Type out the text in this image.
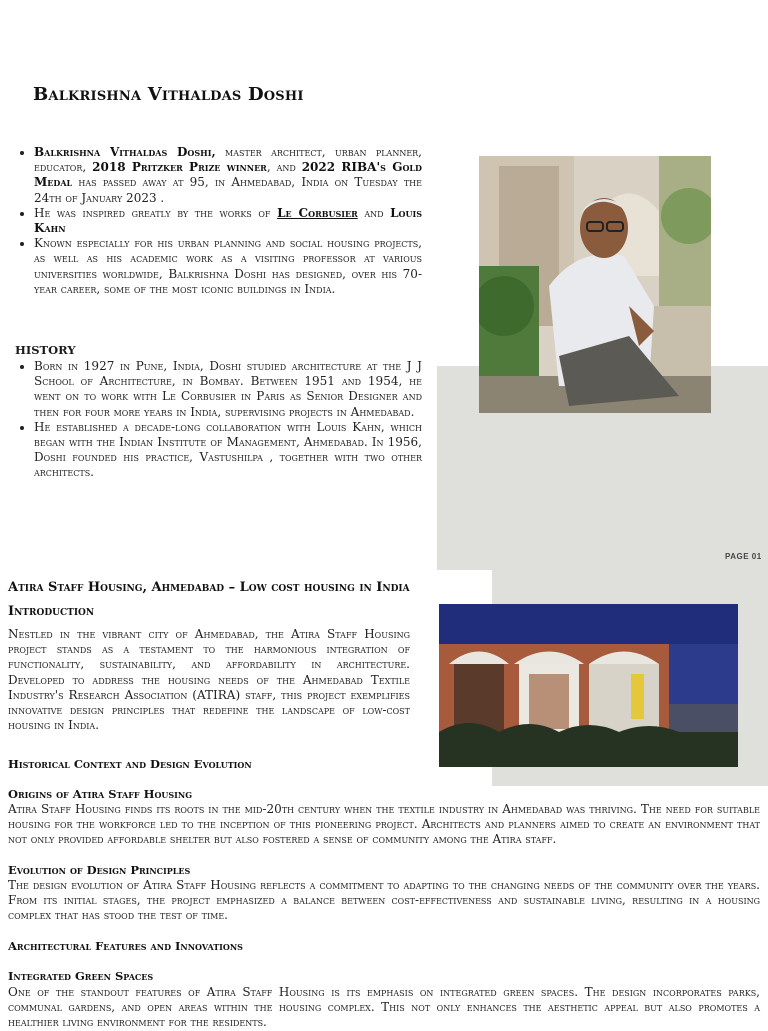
Balkrishna Vithaldas Doshi
• Balkrishna Vithaldas Doshi, master architect, urban planner, educator, 2018 Pritzker Prize winner, and 2022 RIBA's Gold Medal has passed away at 95, in Ahmedabad, India on Tuesday the 24th of January 2023 .
• He was inspired greatly by the works of Le Corbusier and Louis Kahn
• Known especially for his urban planning and social housing projects, as well as his academic work as a visiting professor at various universities worldwide, Balkrishna Doshi has designed, over his 70-year career, some of the most iconic buildings in India.
HISTORY
• Born in 1927 in Pune, India, Doshi studied architecture at the J J School of Architecture, in Bombay. Between 1951 and 1954, he went on to work with Le Corbusier in Paris as Senior Designer and then for four more years in India, supervising projects in Ahmedabad.
• He established a decade-long collaboration with Louis Kahn, which began with the Indian Institute of Management, Ahmedabad. In 1956, Doshi founded his practice, Vastushilpa , together with two other architects.
PAGE 01
Atira Staff Housing, Ahmedabad – Low cost housing in India
Introduction

Nestled in the vibrant city of Ahmedabad, the Atira Staff Housing project stands as a testament to the harmonious integration of functionality, sustainability, and affordability in architecture. Developed to address the housing needs of the Ahmedabad Textile Industry's Research Association (ATIRA) staff, this project exemplifies innovative design principles that redefine the landscape of low-cost housing in India.

Historical Context and Design Evolution
Origins of Atira Staff Housing

Atira Staff Housing finds its roots in the mid-20th century when the textile industry in Ahmedabad was thriving. The need for suitable housing for the workforce led to the inception of this pioneering project. Architects and planners aimed to create an environment that not only provided affordable shelter but also fostered a sense of community among the Atira staff.

Evolution of Design Principles

The design evolution of Atira Staff Housing reflects a commitment to adapting to the changing needs of the community over the years. From its initial stages, the project emphasized a balance between cost-effectiveness and sustainable living, resulting in a housing complex that has stood the test of time.

Architectural Features and Innovations
Integrated Green Spaces

One of the standout features of Atira Staff Housing is its emphasis on integrated green spaces. The design incorporates parks, communal gardens, and open areas within the housing complex. This not only enhances the aesthetic appeal but also promotes a healthier living environment for the residents.
